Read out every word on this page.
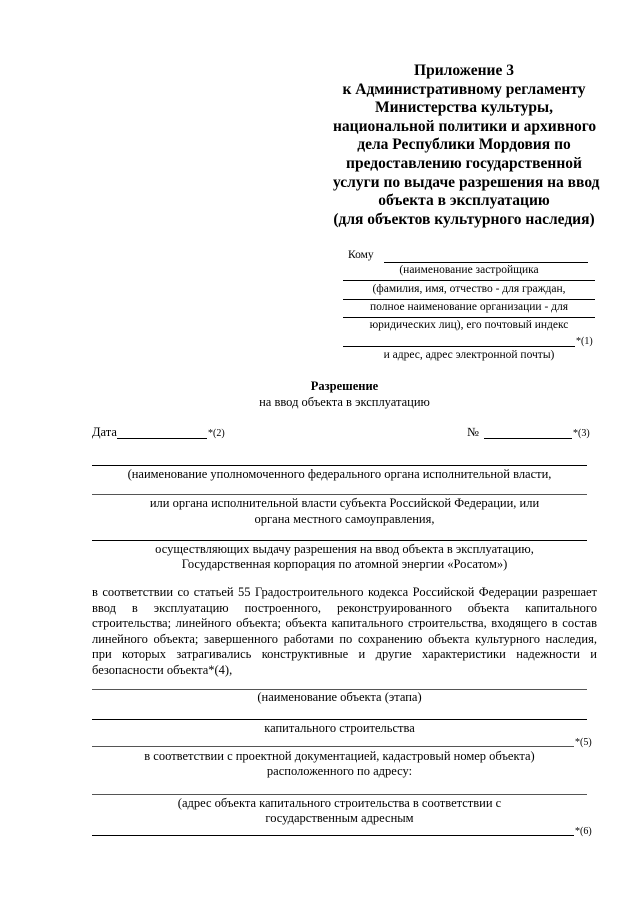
Приложение 3
к Административному регламенту
Министерства культуры,
национальной политики и архивного
дела Республики Мордовия по
предоставлению государственной
услуги по выдаче разрешения на ввод
объекта в эксплуатацию
(для объектов культурного наследия)
Кому
(наименование застройщика
(фамилия, имя, отчество - для граждан,
полное наименование организации - для
юридических лиц), его почтовый индекс
*(1)
и адрес, адрес электронной почты)
Разрешение
на ввод объекта в эксплуатацию
Дата	*(2)	№	*(3)
(наименование уполномоченного федерального органа исполнительной власти,
или органа исполнительной власти субъекта Российской Федерации, или
органа местного самоуправления,
осуществляющих выдачу разрешения на ввод объекта в эксплуатацию,
Государственная корпорация по атомной энергии «Росатом»)
в соответствии со статьей 55 Градостроительного кодекса Российской Федерации разрешает ввод в эксплуатацию построенного, реконструированного объекта капитального строительства; линейного объекта; объекта капитального строительства, входящего в состав линейного объекта; завершенного работами по сохранению объекта культурного наследия, при которых затрагивались конструктивные и другие характеристики надежности и безопасности объекта*(4),
(наименование объекта (этапа)
капитального строительства
*(5)
в соответствии с проектной документацией, кадастровый номер объекта)
расположенного по адресу:
(адрес объекта капитального строительства в соответствии с
государственным адресным
*(6)
